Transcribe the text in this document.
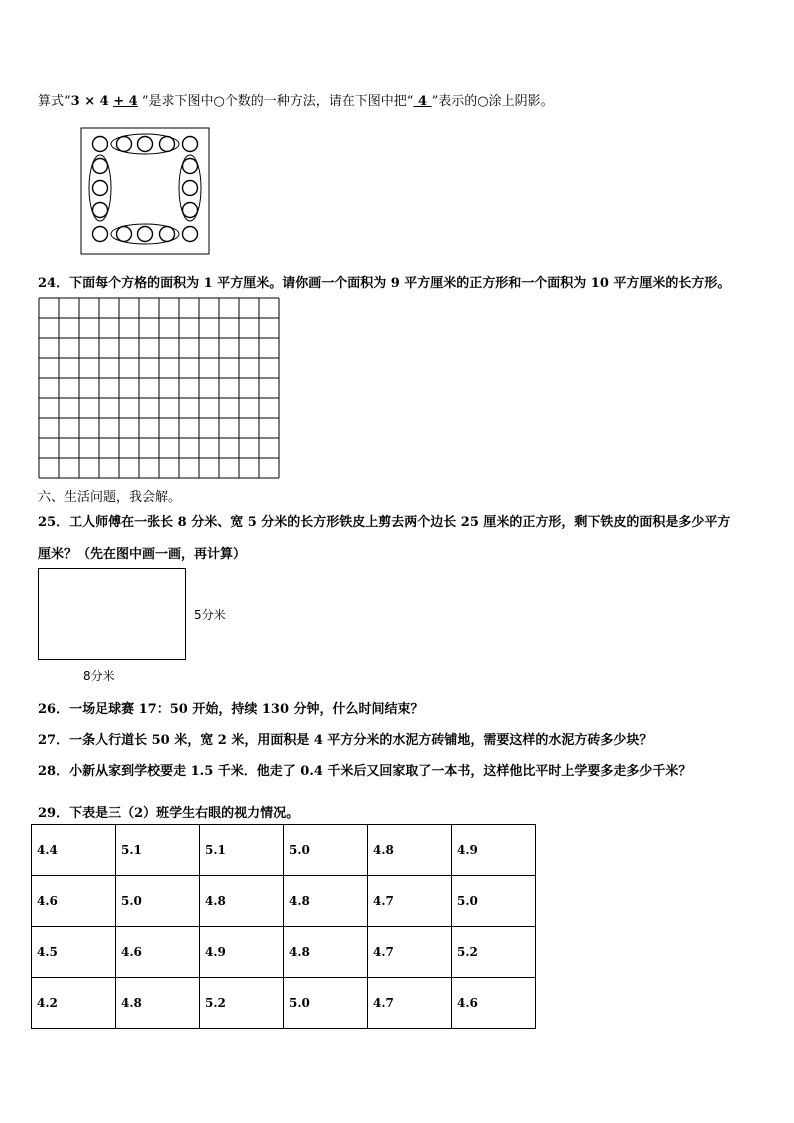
算式“3 × 4 + 4 ”是求下图中○个数的一种方法，请在下图中把“ 4 ”表示的○涂上阴影。
24．下面每个方格的面积为 1 平方厘米。请你画一个面积为 9 平方厘米的正方形和一个面积为 10 平方厘米的长方形。
六、生活问题，我会解。
25．工人师傅在一张长 8 分米、宽 5 分米的长方形铁皮上剪去两个边长 25 厘米的正方形，剩下铁皮的面积是多少平方
厘米？（先在图中画一画，再计算）
5分米
8分米
26．一场足球赛 17：50 开始，持续 130 分钟，什么时间结束？
27．一条人行道长 50 米，宽 2 米，用面积是 4 平方分米的水泥方砖铺地，需要这样的水泥方砖多少块？
28．小新从家到学校要走 1.5 千米．他走了 0.4 千米后又回家取了一本书，这样他比平时上学要多走多少千米？
29．下表是三（2）班学生右眼的视力情况。
4.4	5.1	5.1	5.0	4.8	4.9
4.6	5.0	4.8	4.8	4.7	5.0
4.5	4.6	4.9	4.8	4.7	5.2
4.2	4.8	5.2	5.0	4.7	4.6
